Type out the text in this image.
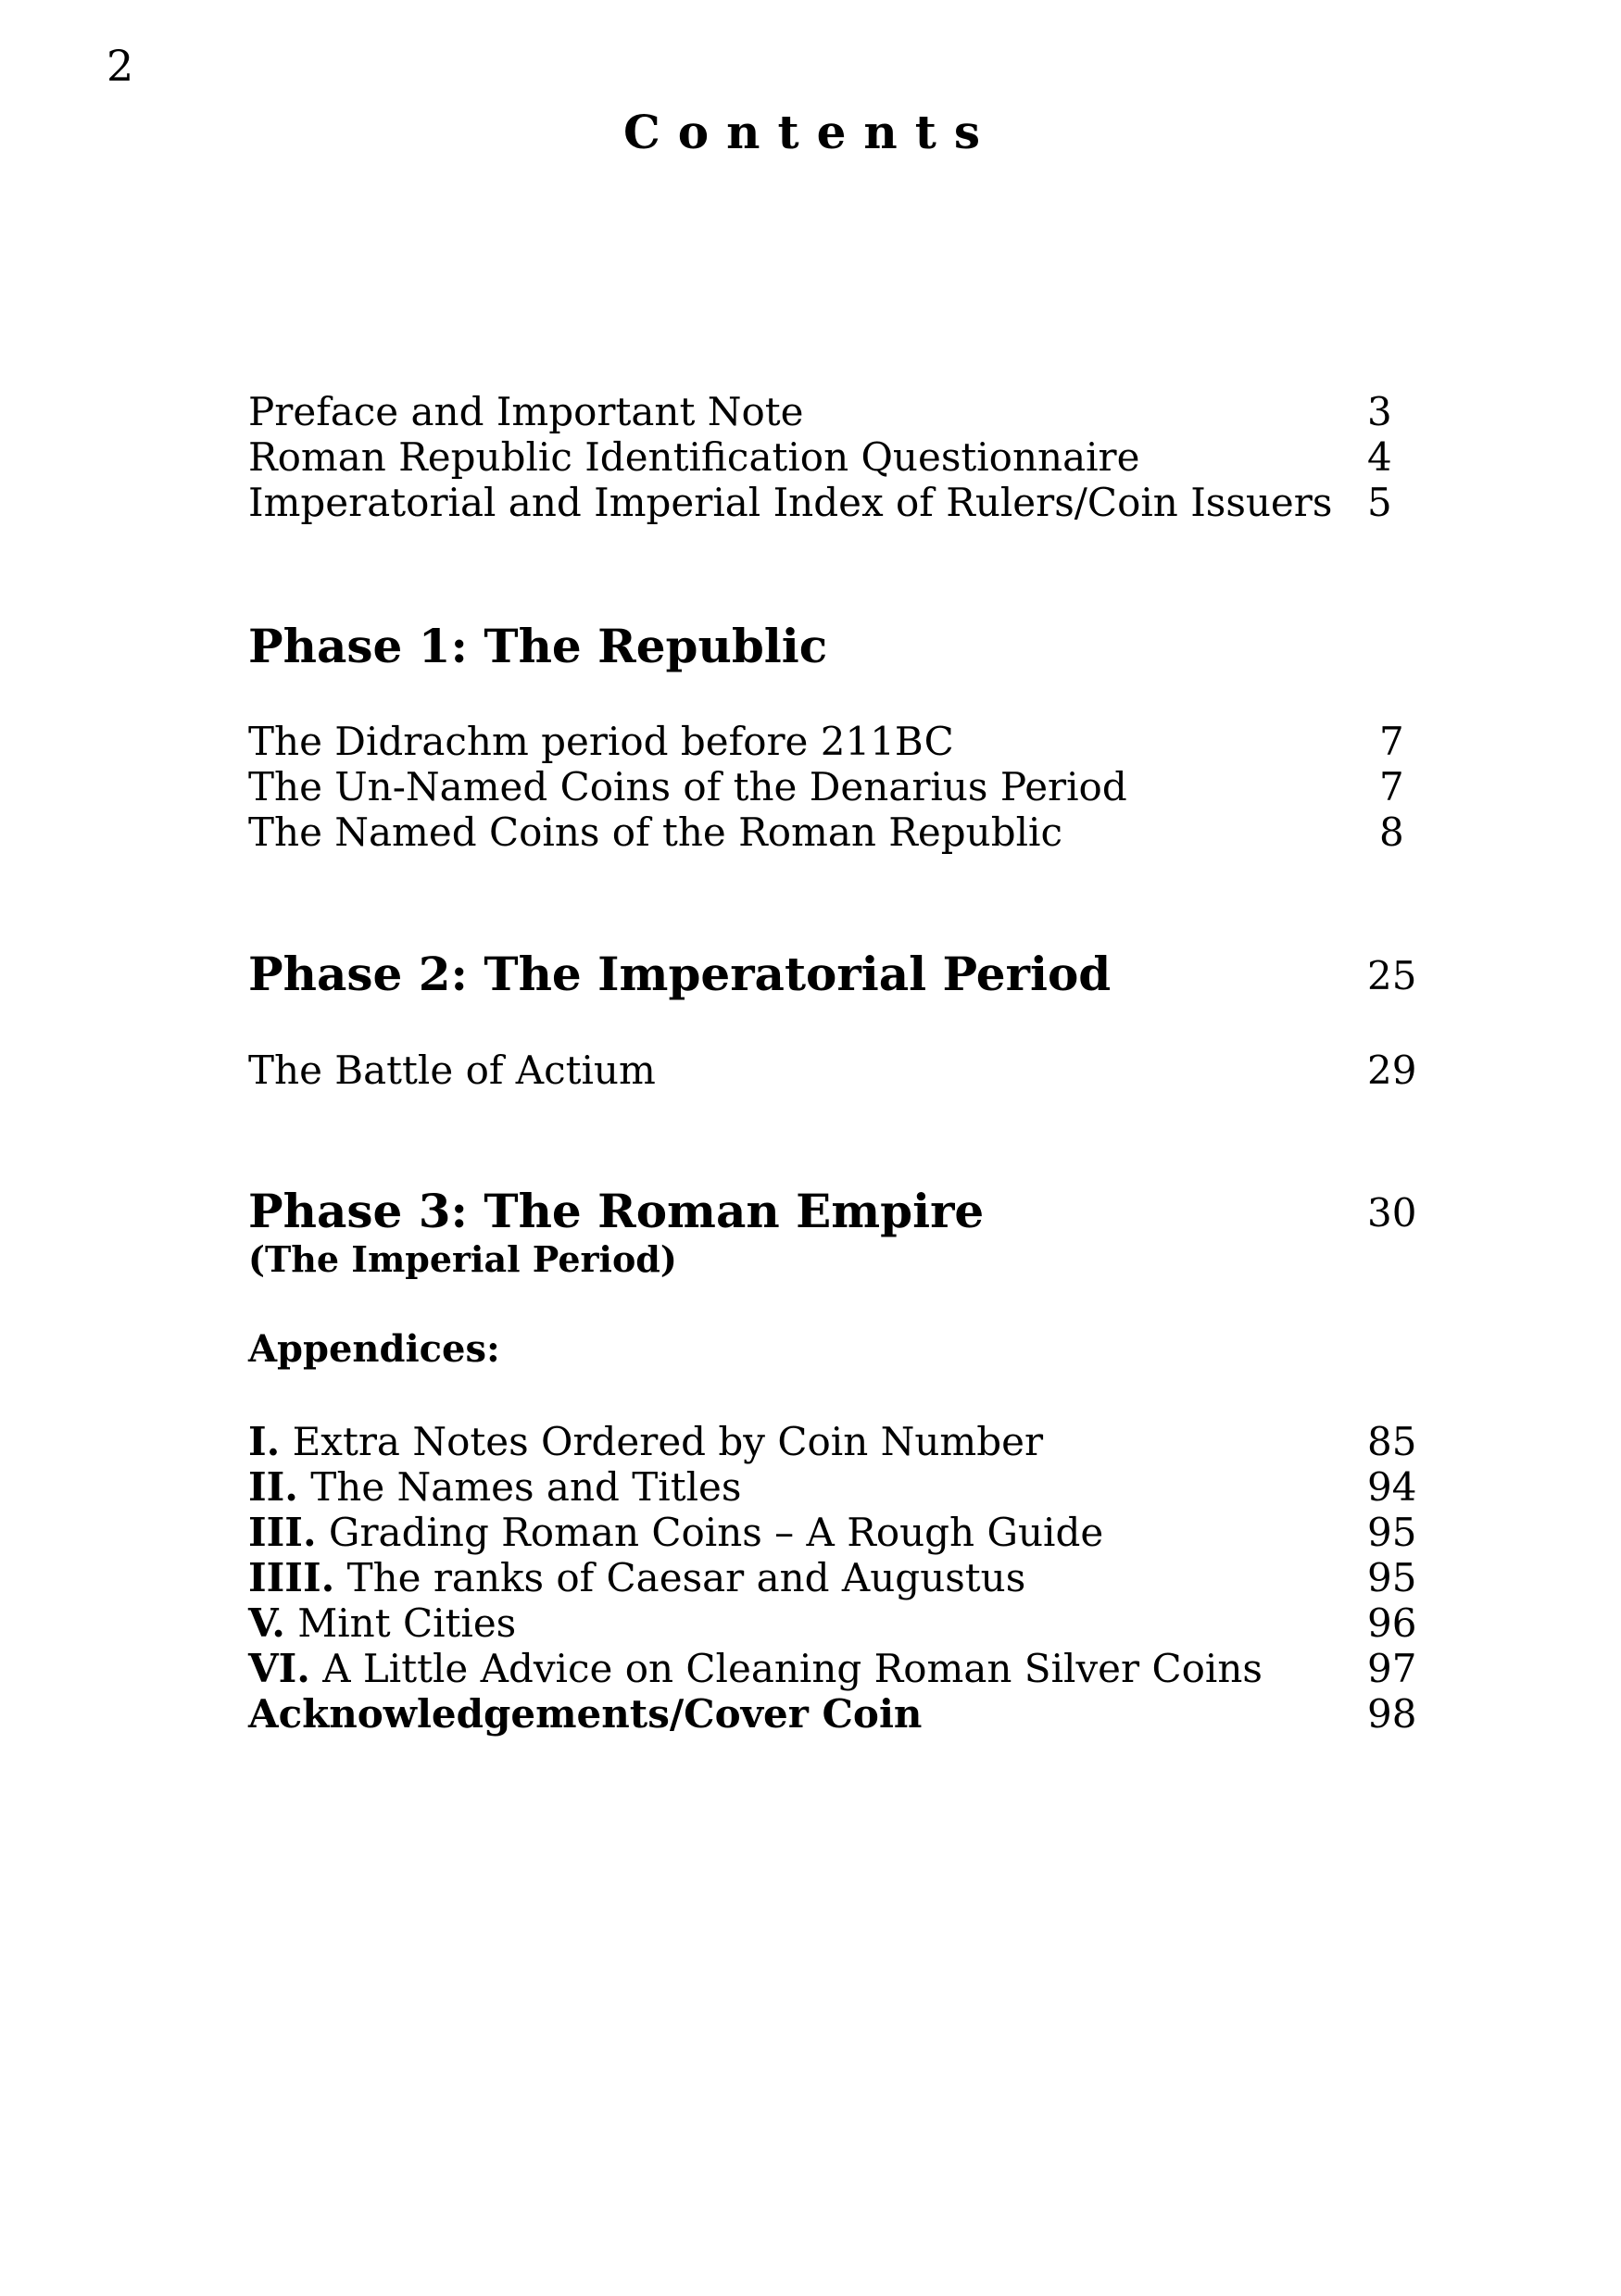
2
Contents
Preface and Important Note	3
Roman Republic Identification Questionnaire	4
Imperatorial and Imperial Index of Rulers/Coin Issuers 5
Phase 1: The Republic
The Didrachm period before 211BC	7
The Un-Named Coins of the Denarius Period	7
The Named Coins of the Roman Republic	8
Phase 2: The Imperatorial Period	25
The Battle of Actium	29
Phase 3: The Roman Empire	30
(The Imperial Period)
Appendices:
I. Extra Notes Ordered by Coin Number	85
II. The Names and Titles	94
III. Grading Roman Coins – A Rough Guide	95
IIII. The ranks of Caesar and Augustus	95
V. Mint Cities	96
VI. A Little Advice on Cleaning Roman Silver Coins	97
Acknowledgements/Cover Coin	98
